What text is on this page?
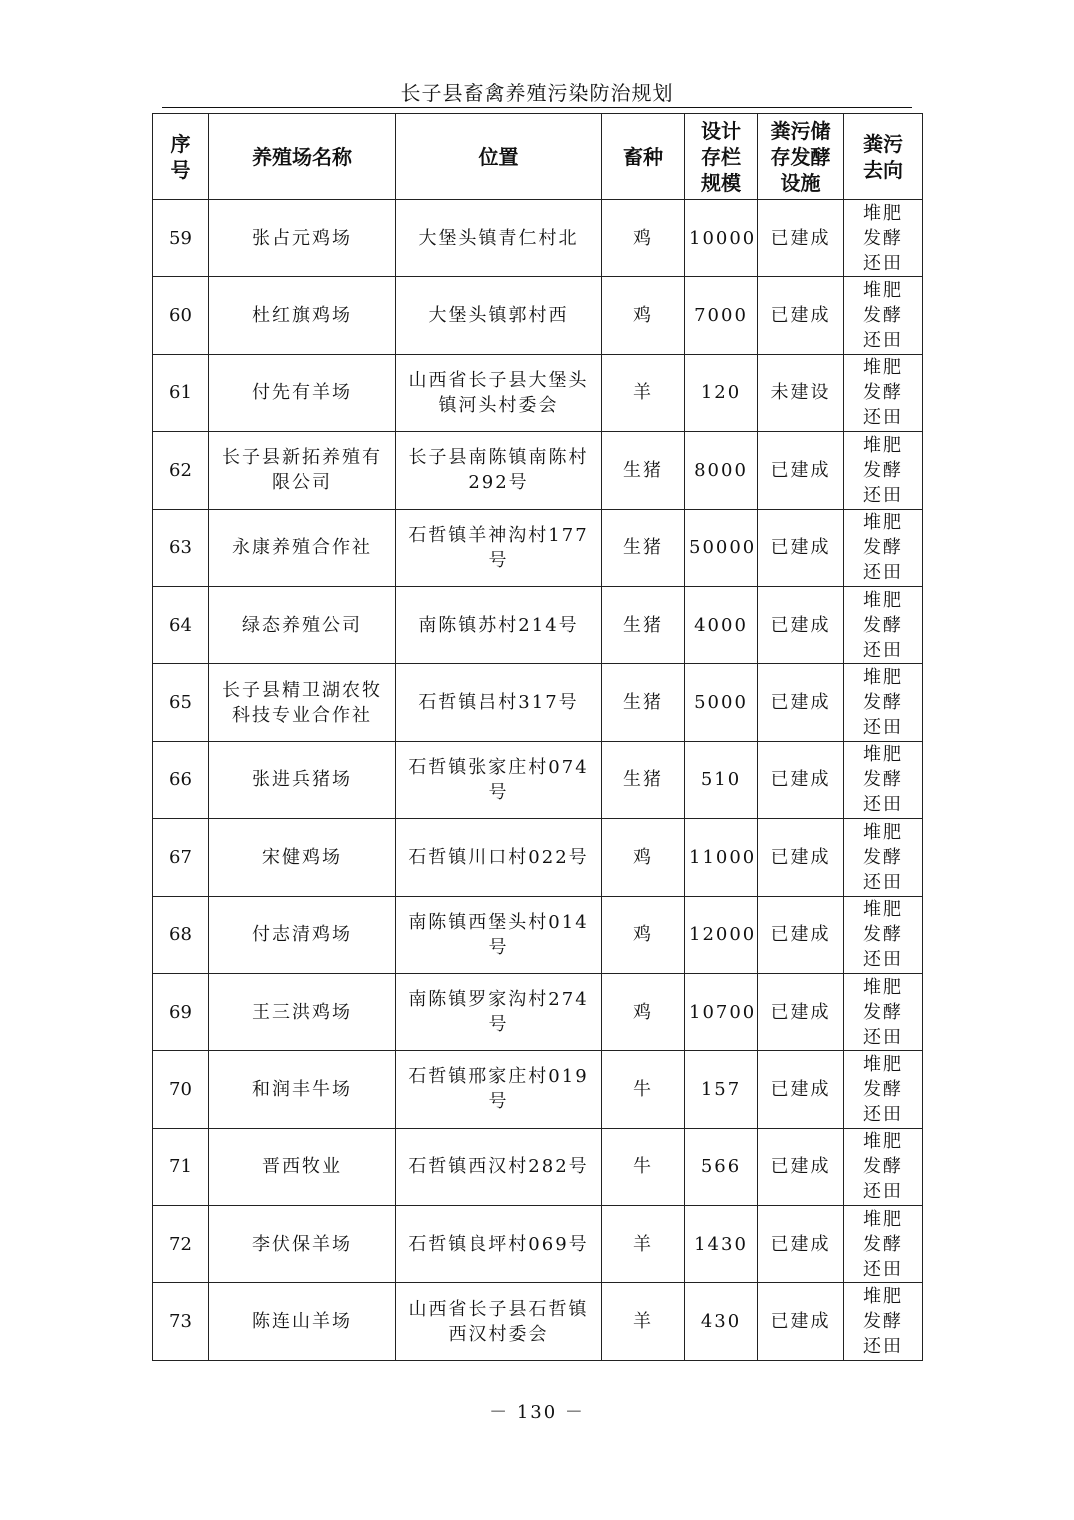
长子县畜禽养殖污染防治规划
序号	养殖场名称	位置	畜种	设计存栏规模	粪污储存发酵设施	粪污去向

59	张占元鸡场	大堡头镇青仁村北	鸡	10000	已建成	堆肥发酵还田
60	杜红旗鸡场	大堡头镇郭村西	鸡	7000	已建成	堆肥发酵还田
61	付先有羊场	山西省长子县大堡头镇河头村委会	羊	120	未建设	堆肥发酵还田
62	长子县新拓养殖有限公司	长子县南陈镇南陈村292号	生猪	8000	已建成	堆肥发酵还田
63	永康养殖合作社	石哲镇羊神沟村177号	生猪	50000	已建成	堆肥发酵还田
64	绿态养殖公司	南陈镇苏村214号	生猪	4000	已建成	堆肥发酵还田
65	长子县精卫湖农牧科技专业合作社	石哲镇吕村317号	生猪	5000	已建成	堆肥发酵还田
66	张进兵猪场	石哲镇张家庄村074号	生猪	510	已建成	堆肥发酵还田
67	宋健鸡场	石哲镇川口村022号	鸡	11000	已建成	堆肥发酵还田
68	付志清鸡场	南陈镇西堡头村014号	鸡	12000	已建成	堆肥发酵还田
69	王三洪鸡场	南陈镇罗家沟村274号	鸡	10700	已建成	堆肥发酵还田
70	和润丰牛场	石哲镇邢家庄村019号	牛	157	已建成	堆肥发酵还田
71	晋西牧业	石哲镇西汉村282号	牛	566	已建成	堆肥发酵还田
72	李伏保羊场	石哲镇良坪村069号	羊	1430	已建成	堆肥发酵还田
73	陈连山羊场	山西省长子县石哲镇西汉村委会	羊	430	已建成	堆肥发酵还田
－ 130 －
